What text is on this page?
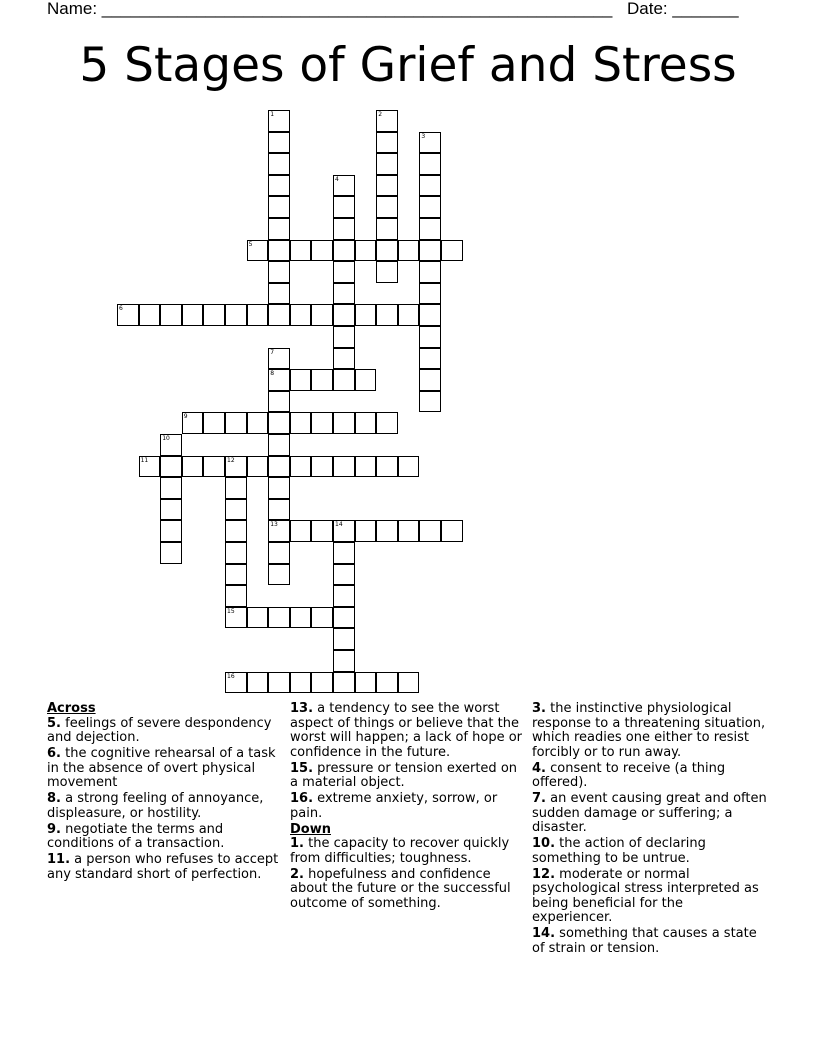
Name: ______________________________________________________ Date: _______
5 Stages of Grief and Stress
1	2
3
4
5
6
7
8
13
9
10
11	12
15
14
16

Across

5. feelings of severe despondency and dejection.

6. the cognitive rehearsal of a task in the absence of overt physical movement

8. a strong feeling of annoyance, displeasure, or hostility.

9. negotiate the terms and conditions of a transaction.

11. a person who refuses to accept any standard short of perfection.

13. a tendency to see the worst aspect of things or believe that the worst will happen; a lack of hope or confidence in the future.

15. pressure or tension exerted on a material object.

16. extreme anxiety, sorrow, or pain.

Down

1. the capacity to recover quickly from difficulties; toughness.

2. hopefulness and confidence about the future or the successful outcome of something.

3. the instinctive physiological response to a threatening situation, which readies one either to resist forcibly or to run away.

4. consent to receive (a thing offered).

7. an event causing great and often sudden damage or suffering; a disaster.

10. the action of declaring something to be untrue.

12. moderate or normal psychological stress interpreted as being beneficial for the experiencer.

14. something that causes a state of strain or tension.
